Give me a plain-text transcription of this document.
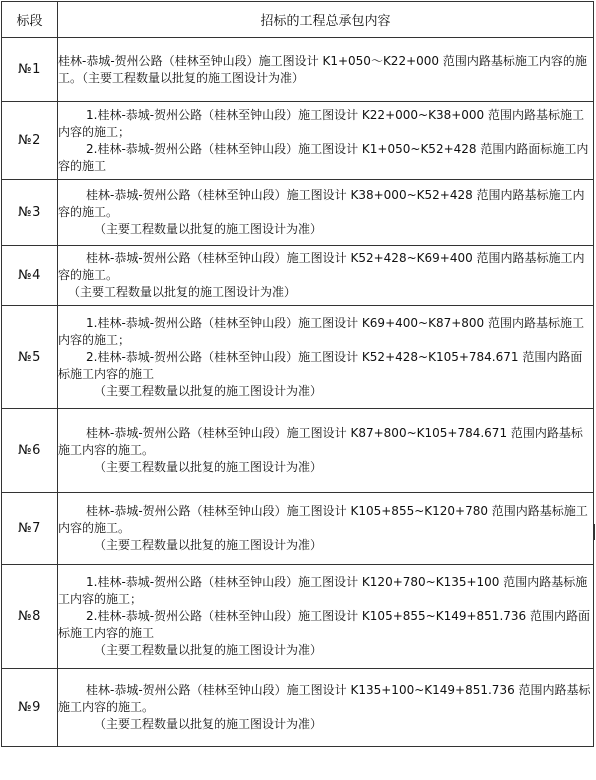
标段	招标的工程总承包内容
№1	桂林-恭城-贺州公路（桂林至钟山段）施工图设计 K1+050～K22+000 范围内路基标施工内容的施工。（主要工程数量以批复的施工图设计为准）

№2	1.桂林-恭城-贺州公路（桂林至钟山段）施工图设计 K22+000~K38+000 范围内路基标施工内容的施工；
2.桂林-恭城-贺州公路（桂林至钟山段）施工图设计 K1+050~K52+428 范围内路面标施工内容的施工

№3	桂林-恭城-贺州公路（桂林至钟山段）施工图设计 K38+000~K52+428 范围内路基标施工内容的施工。
（主要工程数量以批复的施工图设计为准）

№4	桂林-恭城-贺州公路（桂林至钟山段）施工图设计 K52+428~K69+400 范围内路基标施工内容的施工。
（主要工程数量以批复的施工图设计为准）

№5	1.桂林-恭城-贺州公路（桂林至钟山段）施工图设计 K69+400~K87+800 范围内路基标施工内容的施工；
2.桂林-恭城-贺州公路（桂林至钟山段）施工图设计 K52+428~K105+784.671 范围内路面标施工内容的施工
（主要工程数量以批复的施工图设计为准）

№6	桂林-恭城-贺州公路（桂林至钟山段）施工图设计 K87+800~K105+784.671 范围内路基标施工内容的施工。
（主要工程数量以批复的施工图设计为准）

№7	桂林-恭城-贺州公路（桂林至钟山段）施工图设计 K105+855~K120+780 范围内路基标施工内容的施工。
（主要工程数量以批复的施工图设计为准）

№8	1.桂林-恭城-贺州公路（桂林至钟山段）施工图设计 K120+780~K135+100 范围内路基标施工内容的施工；
2.桂林-恭城-贺州公路（桂林至钟山段）施工图设计 K105+855~K149+851.736 范围内路面标施工内容的施工
（主要工程数量以批复的施工图设计为准）

№9	桂林-恭城-贺州公路（桂林至钟山段）施工图设计 K135+100~K149+851.736 范围内路基标施工内容的施工。
（主要工程数量以批复的施工图设计为准）
